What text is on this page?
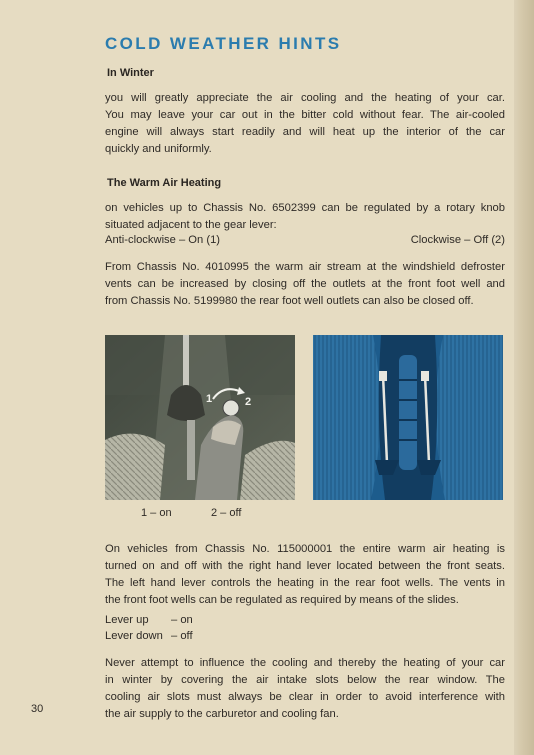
COLD WEATHER HINTS
In Winter
you will greatly appreciate the air cooling and the heating of your car.
You may leave your car out in the bitter cold without fear. The air-cooled
engine will always start readily and will heat up the interior of the car
quickly and uniformly.
The Warm Air Heating
on vehicles up to Chassis No. 6502399 can be regulated by a rotary knob
situated adjacent to the gear lever:
Anti-clockwise – On (1)	Clockwise – Off (2)
From Chassis No. 4010995 the warm air stream at the windshield defroster
vents can be increased by closing off the outlets at the front foot well and
from Chassis No. 5199980 the rear foot well outlets can also be closed off.
1	2
1 – on	2 – off
On vehicles from Chassis No. 115000001 the entire warm air heating is
turned on and off with the right hand lever located between the front seats.
The left hand lever controls the heating in the rear foot wells. The vents in
the front foot wells can be regulated as required by means of the slides.
Lever up – on
Lever down – off
Never attempt to influence the cooling and thereby the heating of your car
in winter by covering the air intake slots below the rear window. The
cooling air slots must always be clear in order to avoid interference with
the air supply to the carburetor and cooling fan.
30
